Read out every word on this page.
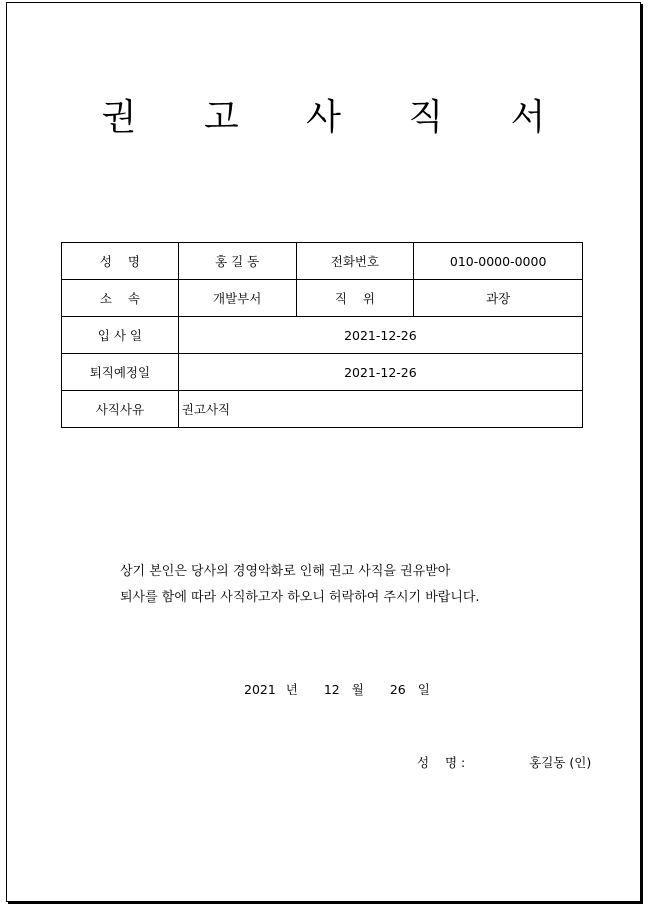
권 고 사 직 서
성    명	홍 길 동	전화번호	010-0000-0000
소    속	개발부서	직    위	과장
입 사 일	2021-12-26		
퇴직예정일	2021-12-26		
사직사유	권고사직		
상기 본인은 당사의 경영악화로 인해 권고 사직을 권유받아
퇴사를 함에 따라 사직하고자 하오니 허락하여 주시기 바랍니다.
2021 년 12 월 26 일
성    명 :	홍길동 (인)
